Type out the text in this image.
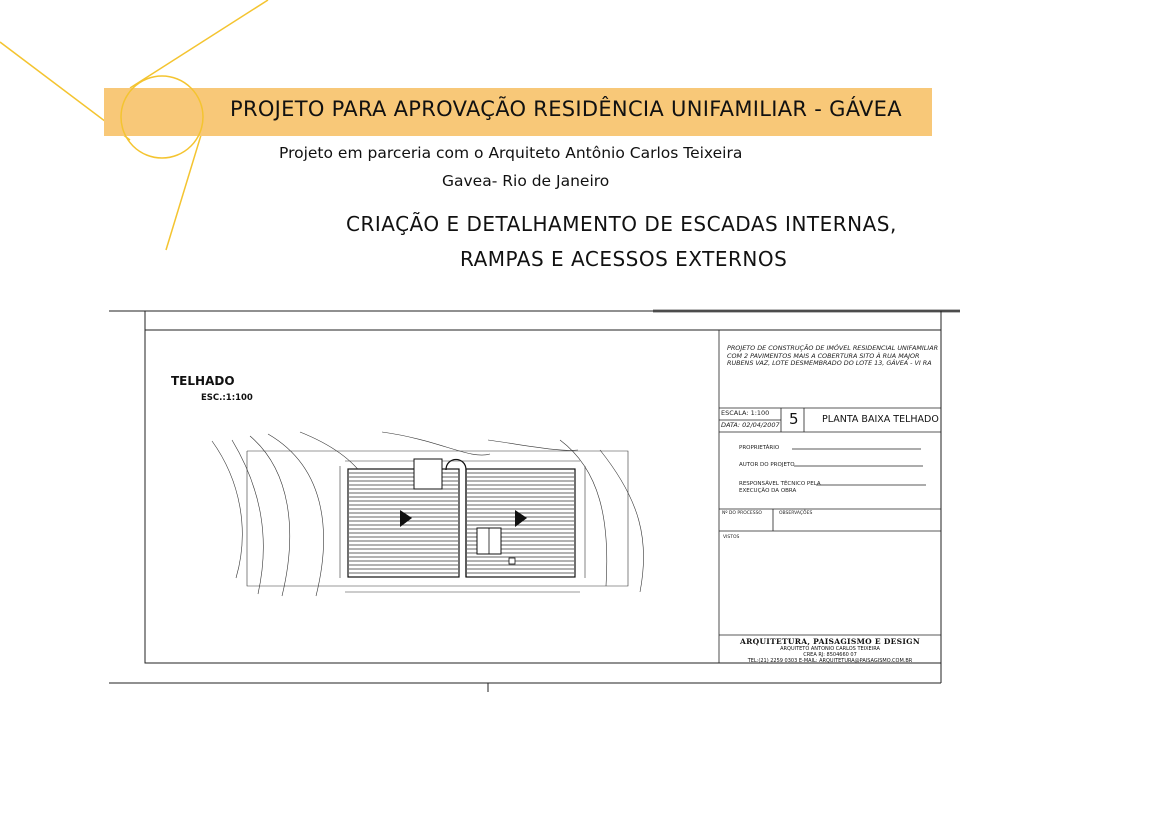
PROJETO PARA APROVAÇÃO RESIDÊNCIA UNIFAMILIAR - GÁVEA
Projeto em parceria com o Arquiteto Antônio Carlos Teixeira
Gavea- Rio de Janeiro
CRIAÇÃO E DETALHAMENTO DE ESCADAS INTERNAS,
RAMPAS E ACESSOS EXTERNOS
TELHADO
ESC.:1:100
PROJETO DE CONSTRUÇÃO DE IMÓVEL RESIDENCIAL UNIFAMILIAR COM 2 PAVIMENTOS MAIS A COBERTURA SITO À RUA MAJOR RUBENS VAZ, LOTE DESMEMBRADO DO LOTE 13, GÁVEA - VI RA
ESCALA: 1:100
DATA: 02/04/2007 5 PLANTA BAIXA TELHADO
PROPRIETÁRIO
AUTOR DO PROJETO
RESPONSÁVEL TÉCNICO PELA
EXECUÇÃO DA OBRA
Nº DO PROCESSO	OBSERVAÇÕES
VISTOS
ARQUITETURA, PAISAGISMO E DESIGN
ARQUITETO ANTONIO CARLOS TEIXEIRA
CREA RJ: 8504660 07
TEL:(21) 2259 0303 E-MAIL: ARQUITETURA@PAISAGISMO.COM.BR
